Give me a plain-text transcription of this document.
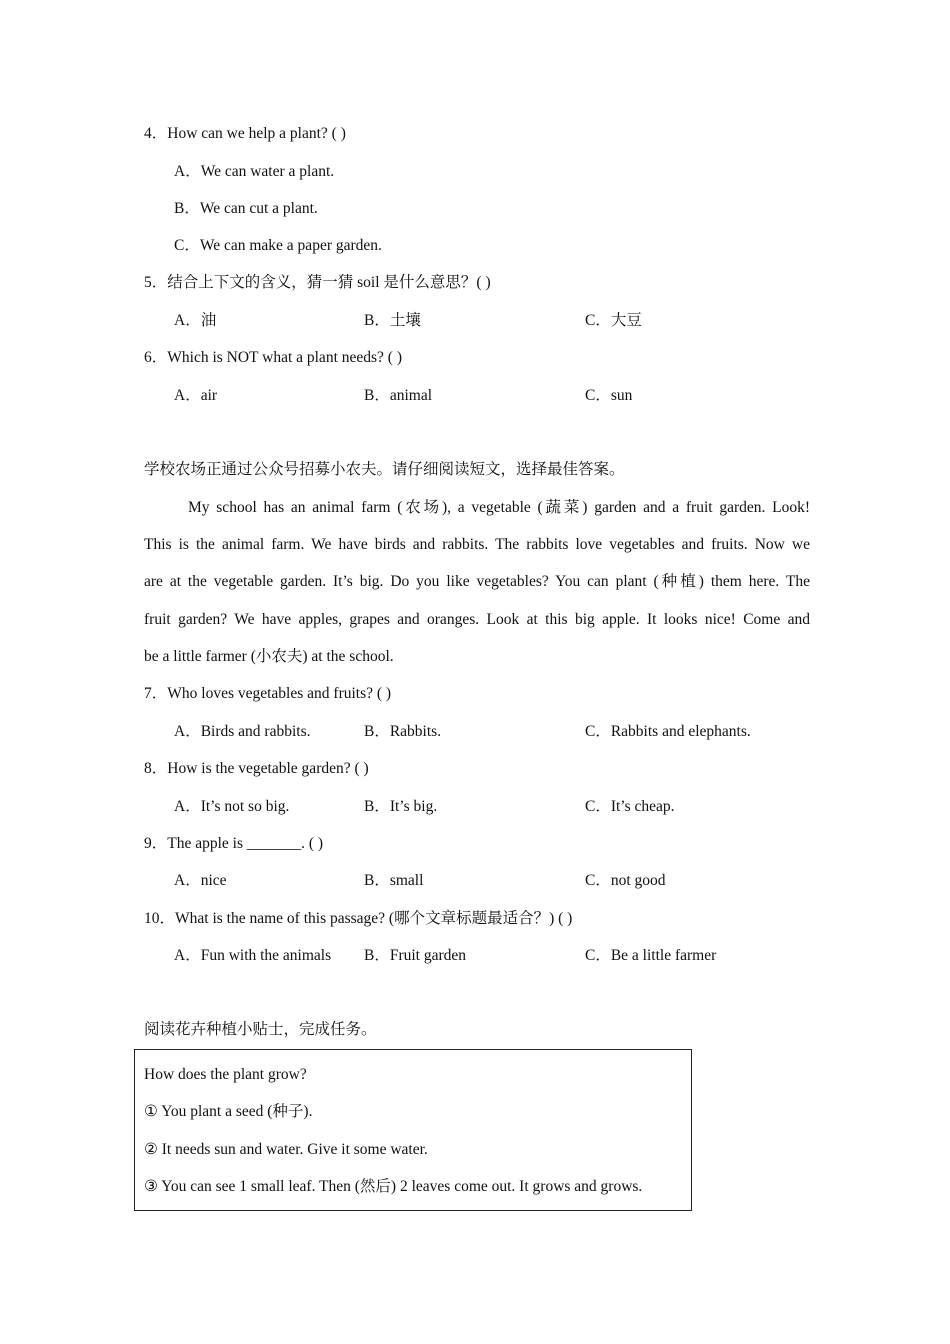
4．How can we help a plant? ( )
A．We can water a plant.
B．We can cut a plant.
C．We can make a paper garden.
5．结合上下文的含义，猜一猜 soil 是什么意思？( )
A．油	B．土壤	C．大豆
6．Which is NOT what a plant needs? ( )
A．air	B．animal	C．sun
学校农场正通过公众号招募小农夫。请仔细阅读短文，选择最佳答案。
My school has an animal farm (农场), a vegetable (蔬菜) garden and a fruit garden. Look!
This is the animal farm. We have birds and rabbits. The rabbits love vegetables and fruits. Now we
are at the vegetable garden. It’s big. Do you like vegetables? You can plant (种植) them here. The
fruit garden? We have apples, grapes and oranges. Look at this big apple. It looks nice! Come and
be a little farmer (小农夫) at the school.
7．Who loves vegetables and fruits? ( )
A．Birds and rabbits.	B．Rabbits.	C．Rabbits and elephants.
8．How is the vegetable garden? ( )
A．It’s not so big.	B．It’s big.	C．It’s cheap.
9．The apple is _______. ( )
A．nice	B．small	C．not good
10．What is the name of this passage? (哪个文章标题最适合？) ( )
A．Fun with the animals B．Fruit garden	C．Be a little farmer
阅读花卉种植小贴士，完成任务。
How does the plant grow?
① You plant a seed (种子).
② It needs sun and water. Give it some water.
③ You can see 1 small leaf. Then (然后) 2 leaves come out. It grows and grows.
